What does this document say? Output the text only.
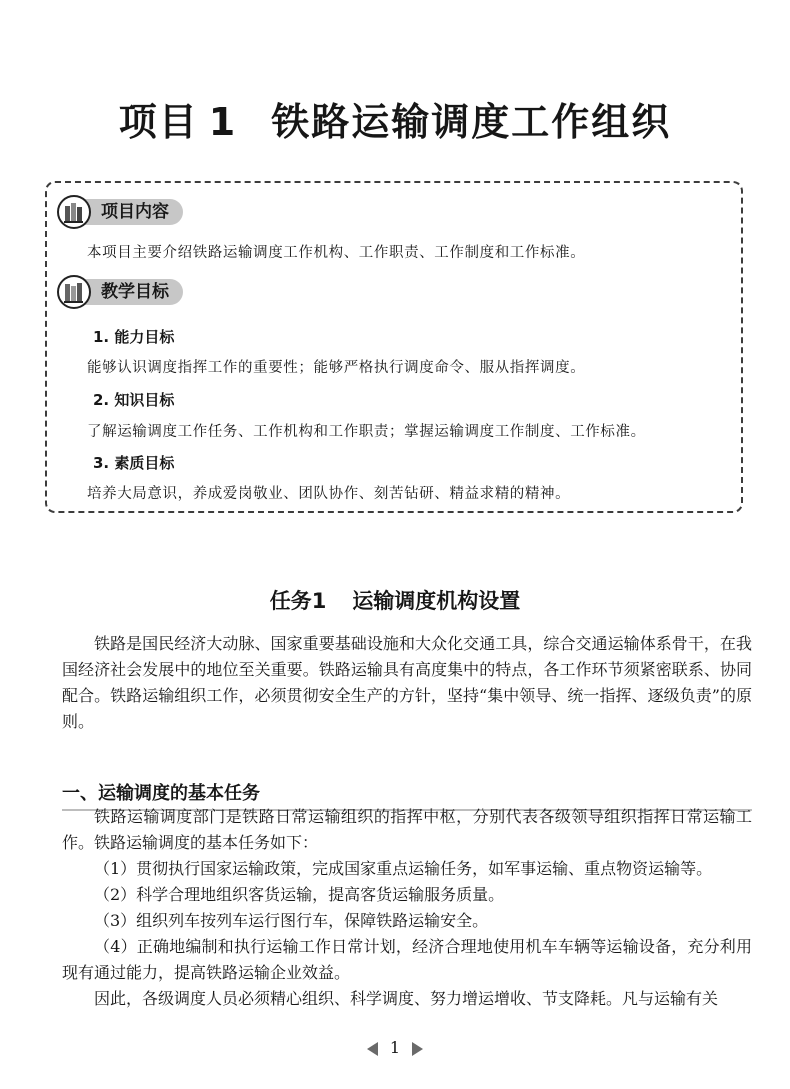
项目 1 铁路运输调度工作组织
项目内容
本项目主要介绍铁路运输调度工作机构、工作职责、工作制度和工作标准。
教学目标
1. 能力目标
能够认识调度指挥工作的重要性；能够严格执行调度命令、服从指挥调度。
2. 知识目标
了解运输调度工作任务、工作机构和工作职责；掌握运输调度工作制度、工作标准。
3. 素质目标
培养大局意识，养成爱岗敬业、团队协作、刻苦钻研、精益求精的精神。
任务1 运输调度机构设置

铁路是国民经济大动脉、国家重要基础设施和大众化交通工具，综合交通运输体系骨干，在我国经济社会发展中的地位至关重要。铁路运输具有高度集中的特点，各工作环节须紧密联系、协同配合。铁路运输组织工作，必须贯彻安全生产的方针，坚持“集中领导、统一指挥、逐级负责”的原则。

一、运输调度的基本任务

铁路运输调度部门是铁路日常运输组织的指挥中枢，分别代表各级领导组织指挥日常运输工作。铁路运输调度的基本任务如下：

（1）贯彻执行国家运输政策，完成国家重点运输任务，如军事运输、重点物资运输等。

（2）科学合理地组织客货运输，提高客货运输服务质量。

（3）组织列车按列车运行图行车，保障铁路运输安全。

（4）正确地编制和执行运输工作日常计划，经济合理地使用机车车辆等运输设备，充分利用现有通过能力，提高铁路运输企业效益。

因此，各级调度人员必须精心组织、科学调度、努力增运增收、节支降耗。凡与运输有关

1
